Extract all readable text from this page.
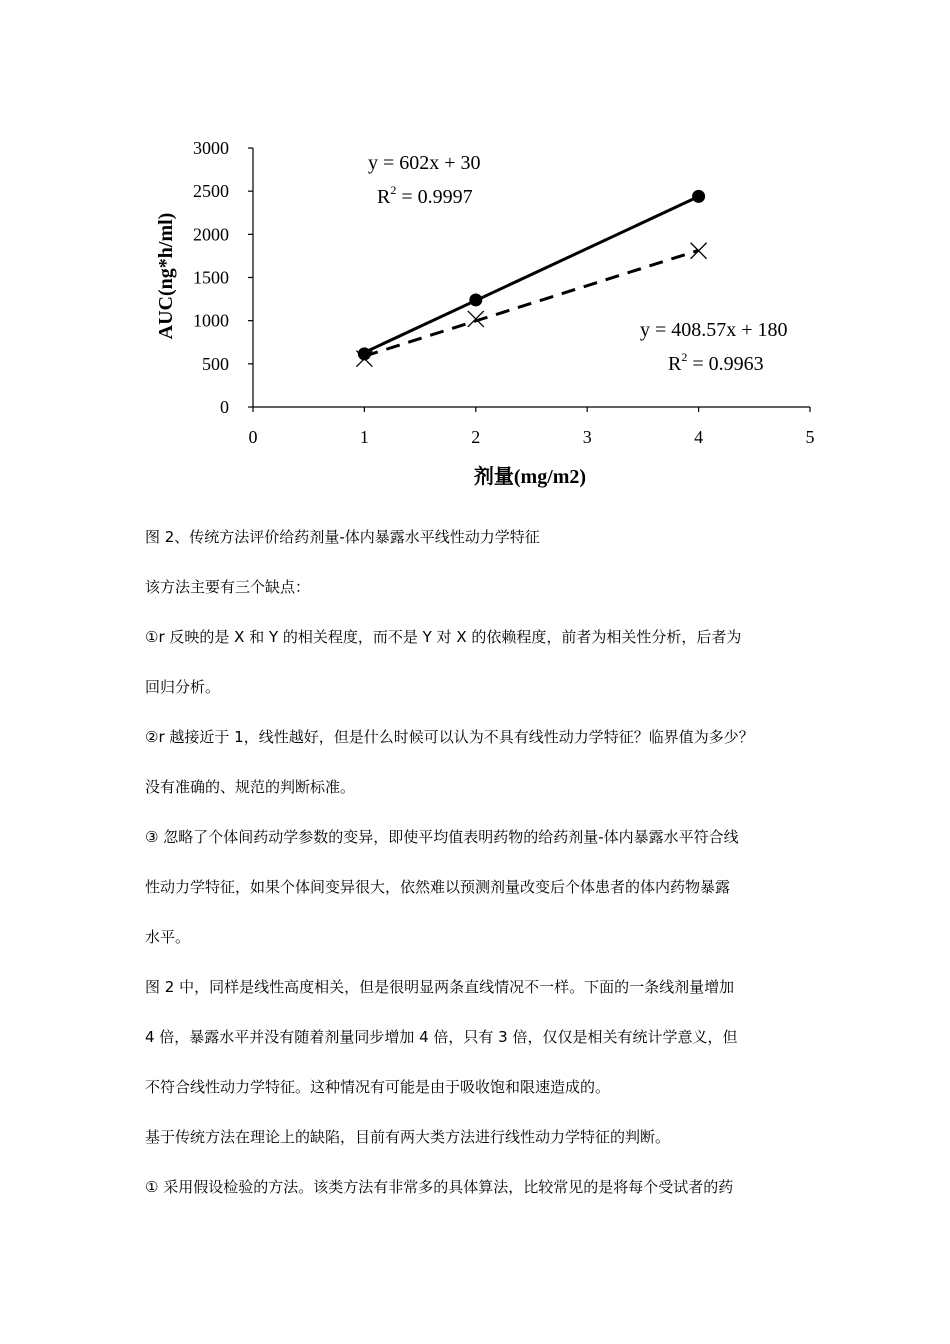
0
500
1000
1500
2000
2500
3000
0	1	2	3	4	5
AUC(ng*h/ml)
剂量(mg/m2)
y = 602x + 30
$R^2 = 0.9997$
y = 408.57x + 180
$R^2 = 0.9963$

图 2、传统方法评价给药剂量-体内暴露水平线性动力学特征

该方法主要有三个缺点：

①r 反映的是 X 和 Y 的相关程度，而不是 Y 对 X 的依赖程度，前者为相关性分析，后者为

回归分析。

②r 越接近于 1，线性越好，但是什么时候可以认为不具有线性动力学特征？临界值为多少？

没有准确的、规范的判断标准。

③ 忽略了个体间药动学参数的变异，即使平均值表明药物的给药剂量-体内暴露水平符合线

性动力学特征，如果个体间变异很大，依然难以预测剂量改变后个体患者的体内药物暴露

水平。

图 2 中，同样是线性高度相关，但是很明显两条直线情况不一样。下面的一条线剂量增加

4 倍，暴露水平并没有随着剂量同步增加 4 倍，只有 3 倍，仅仅是相关有统计学意义，但

不符合线性动力学特征。这种情况有可能是由于吸收饱和限速造成的。

基于传统方法在理论上的缺陷，目前有两大类方法进行线性动力学特征的判断。

① 采用假设检验的方法。该类方法有非常多的具体算法，比较常见的是将每个受试者的药
